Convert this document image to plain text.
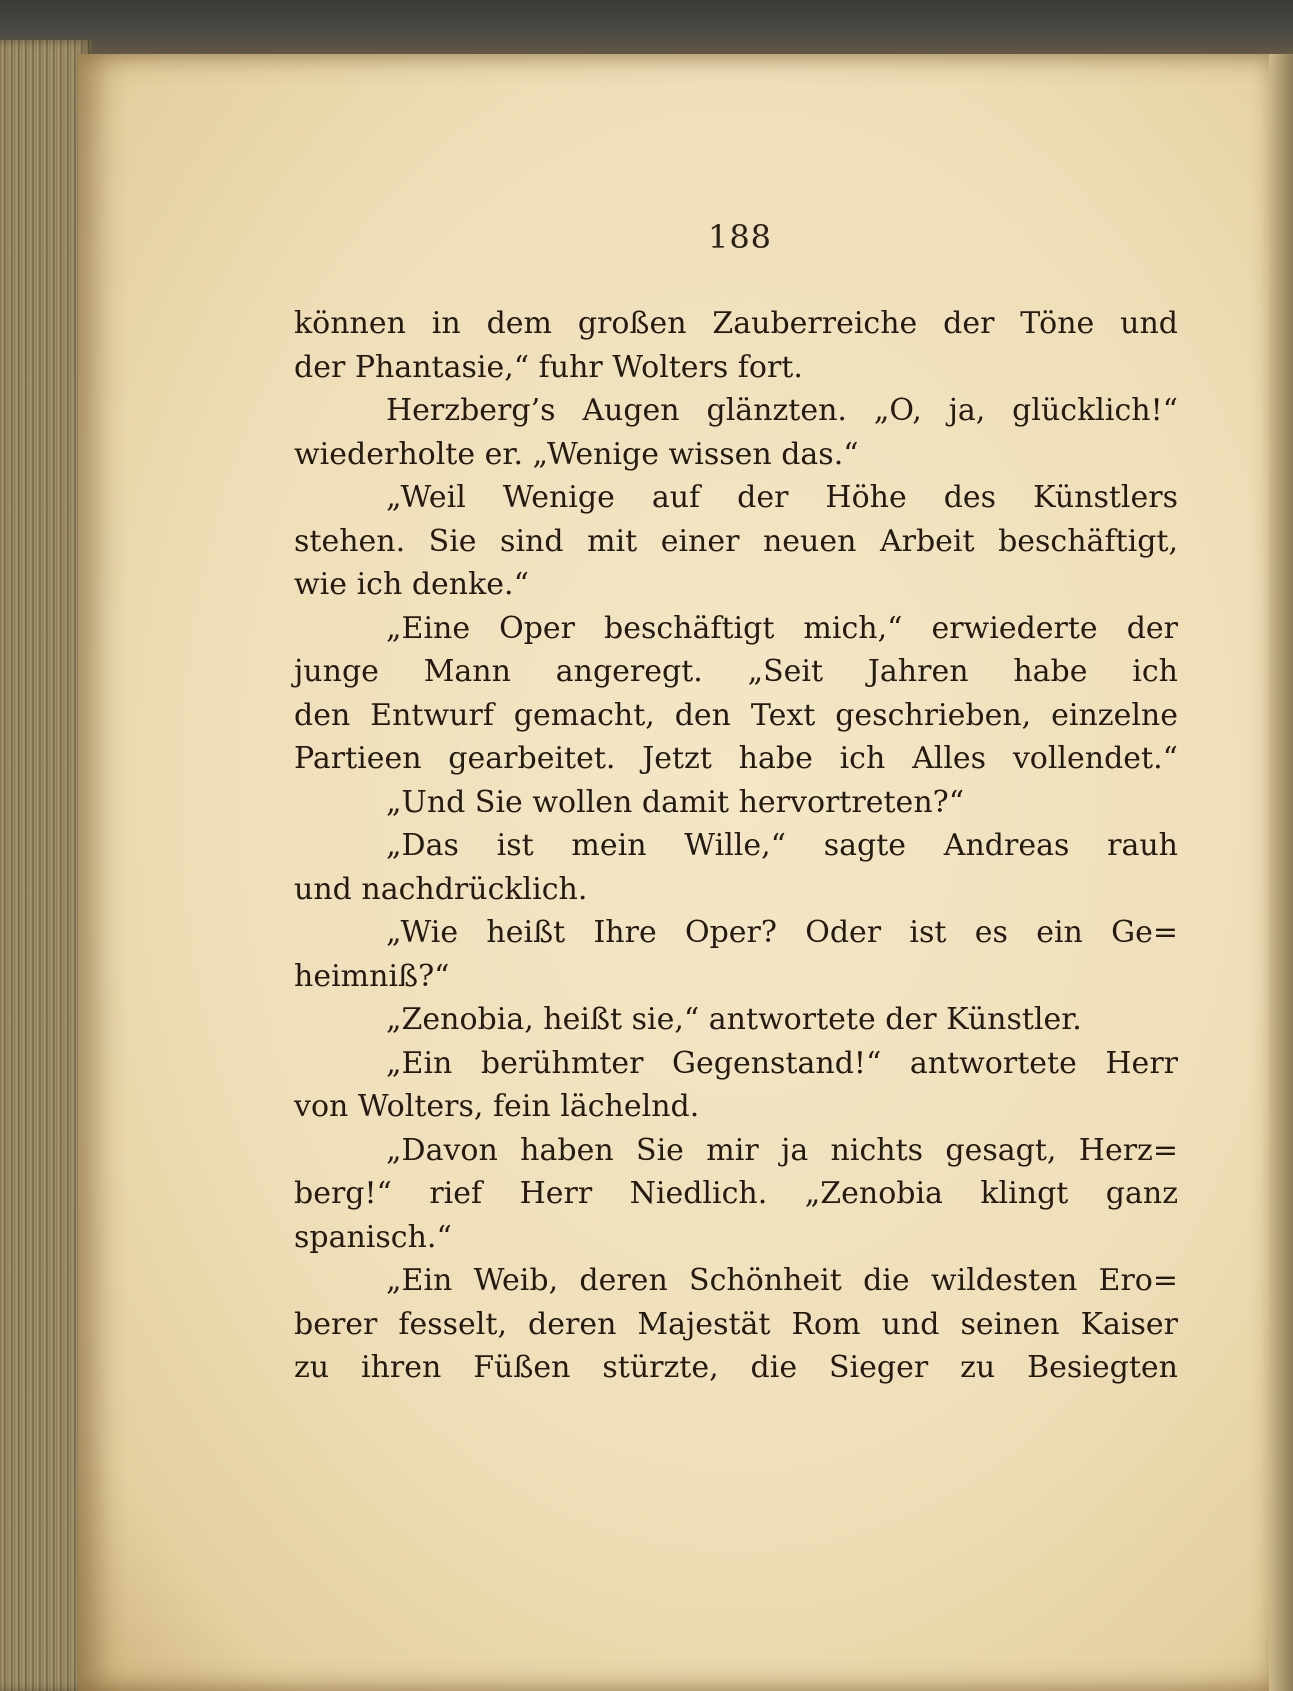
188
können in dem großen Zauberreiche der Töne und
der Phantasie,“ fuhr Wolters fort.
Herzberg’s Augen glänzten. „O, ja, glücklich!“
wiederholte er. „Wenige wissen das.“
„Weil Wenige auf der Höhe des Künstlers
stehen. Sie sind mit einer neuen Arbeit beschäftigt,
wie ich denke.“
„Eine Oper beschäftigt mich,“ erwiederte der
junge Mann angeregt. „Seit Jahren habe ich
den Entwurf gemacht, den Text geschrieben, einzelne
Partieen gearbeitet. Jetzt habe ich Alles vollendet.“
„Und Sie wollen damit hervortreten?“
„Das ist mein Wille,“ sagte Andreas rauh
und nachdrücklich.
„Wie heißt Ihre Oper? Oder ist es ein Ge=
heimniß?“
„Zenobia, heißt sie,“ antwortete der Künstler.
„Ein berühmter Gegenstand!“ antwortete Herr
von Wolters, fein lächelnd.
„Davon haben Sie mir ja nichts gesagt, Herz=
berg!“ rief Herr Niedlich. „Zenobia klingt ganz
spanisch.“
„Ein Weib, deren Schönheit die wildesten Ero=
berer fesselt, deren Majestät Rom und seinen Kaiser
zu ihren Füßen stürzte, die Sieger zu Besiegten
